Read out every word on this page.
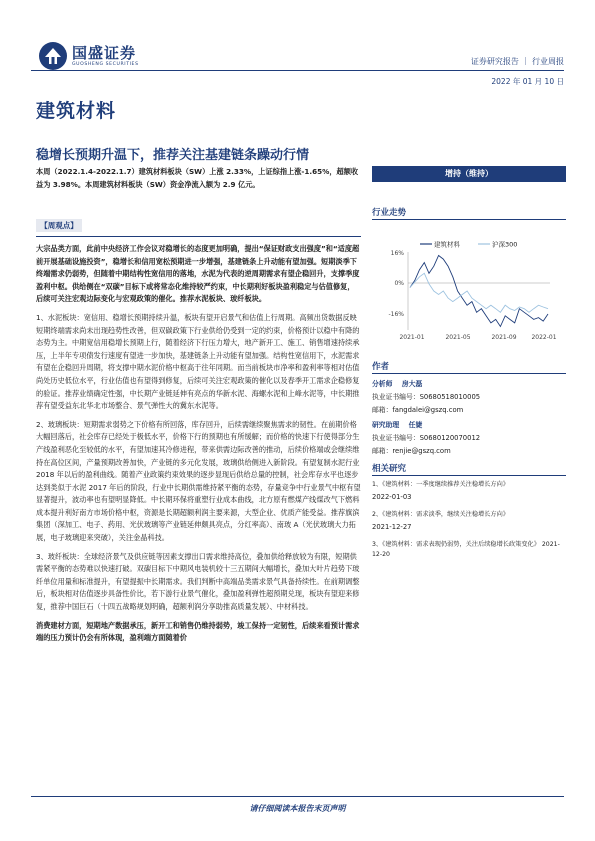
国盛证券
GUOSHENG SECURITIES	证券研究报告 ｜ 行业周报
2022 年 01 月 10 日
建筑材料
稳增长预期升温下，推荐关注基建链条躁动行情

本周（2022.1.4-2022.1.7）建筑材料板块（SW）上涨 2.33%，上证综指上涨-1.65%，超额收益为 3.98%。本周建筑材料板块（SW）资金净流入额为 2.9 亿元。

【周观点】

大宗品类方面，此前中央经济工作会议对稳增长的态度更加明确，提出“保证财政支出强度”和“适度超前开展基础设施投资”，稳增长和信用宽松预期进一步增强，基建链条上升动能有望加强。短期淡季下终端需求仍弱势，但随着中期结构性宽信用的落地，水泥为代表的逆周期需求有望企稳回升，支撑季度盈利中枢。供给侧在“双碳”目标下或将常态化维持较严约束，中长期利好板块盈利稳定与估值修复，后续可关注宏观边际变化与宏观政策的催化。推荐水泥板块、玻纤板块。

1、水泥板块：宽信用、稳增长预期持续升温，板块有望开启景气和估值上行周期。高频出货数据反映短期终端需求尚未出现趋势性改善，但双碳政策下行业供给仍受到一定的约束，价格预计以稳中有降的态势为主。中期宽信用稳增长预期上行，随着经济下行压力增大，地产新开工、施工、销售增速持续承压，上半年专项债发行速度有望进一步加快，基建链条上升动能有望加强。结构性宽信用下，水泥需求有望在企稳回升周期，将支撑中期水泥价格中枢高于往年同期。而当前板块市净率和盈利率等相对估值尚处历史低位水平，行业估值也有望得到修复，后续可关注宏观政策的催化以及春季开工需求企稳修复的验证。推荐业绩确定性强，中长期产业链延伸有亮点的华新水泥、海螺水泥和上峰水泥等，中长期推荐有望受益东北华北市场整合、景气弹性大的冀东水泥等。

2、玻璃板块：短期需求弱势之下价格有所回落，库存回升，后续需继续聚焦需求的韧性。在前期价格大幅回落后，社会库存已经处于极低水平，价格下行的预期也有所缓解；而价格的快速下行使得部分生产线盈利恶化至较低的水平，有望加速其冷修进程，带来供需边际改善的推动，后续价格端或会继续维持在高位区间，产量预期改善加快，产业链的多元化发展，玻璃供给侧进入新阶段。有望复制水泥行业 2018 年以后的盈利曲线。随着产业政策约束效果的逐步显现后供给总量的控制，社会库存水平也逐步达到类似于水泥 2017 年后的阶段，行业中长期供需维持紧平衡的态势，存量竞争中行业景气中枢有望显著提升，波动率也有望明显降低。中长期环保将重塑行业成本曲线，北方原有燃煤产线煤改气下燃料成本提升利好南方市场价格中枢，资源是长期超额利润主要来源，大型企业、优质产能受益。推荐旗滨集团（深加工、电子、药用、光伏玻璃等产业链延伸颇具亮点，分红率高）、南玻 A（光伏玻璃大力拓展，电子玻璃迎来突破），关注金晶科技。

3、玻纤板块：全球经济景气及供应链等因素支撑出口需求维持高位，叠加供给释放较为有限，短期供需紧平衡的态势难以快速打破。双碳目标下中期风电装机较十三五期间大幅增长，叠加大叶片趋势下玻纤单位用量和标准提升，有望提振中长期需求。我们判断中高端品类需求景气具备持续性。在前期调整后，板块相对估值逐步具备性价比，若下游行业景气催化，叠加盈利弹性超预期兑现，板块有望迎来修复，推荐中国巨石（十四五战略规划明确，超额利润分享助推高质量发展）、中材科技。

消费建材方面，短期地产数据承压，新开工和销售仍维持弱势，竣工保持一定韧性，后续来看预计需求端的压力预计仍会有所体现，盈利端方面随着价

增持（维持）
行业走势
建筑材料	沪深300
16%
0%
-16%
2021-01	2021-05	2021-09 2022-01
作者
分析师 房大磊
执业证书编号：S0680518010005
邮箱：fangdalei@gszq.com
研究助理 任婕
执业证书编号：S0680120070012
邮箱：renjie@gszq.com
相关研究
1、《建筑材料：一季度继续推荐关注稳增长方向》
2022-01-03
2、《建筑材料：需求淡季，继续关注稳增长方向》
2021-12-27
3、《建筑材料：需求表现仍弱势，关注后续稳增长政策变化》 2021-12-20
请仔细阅读本报告末页声明
